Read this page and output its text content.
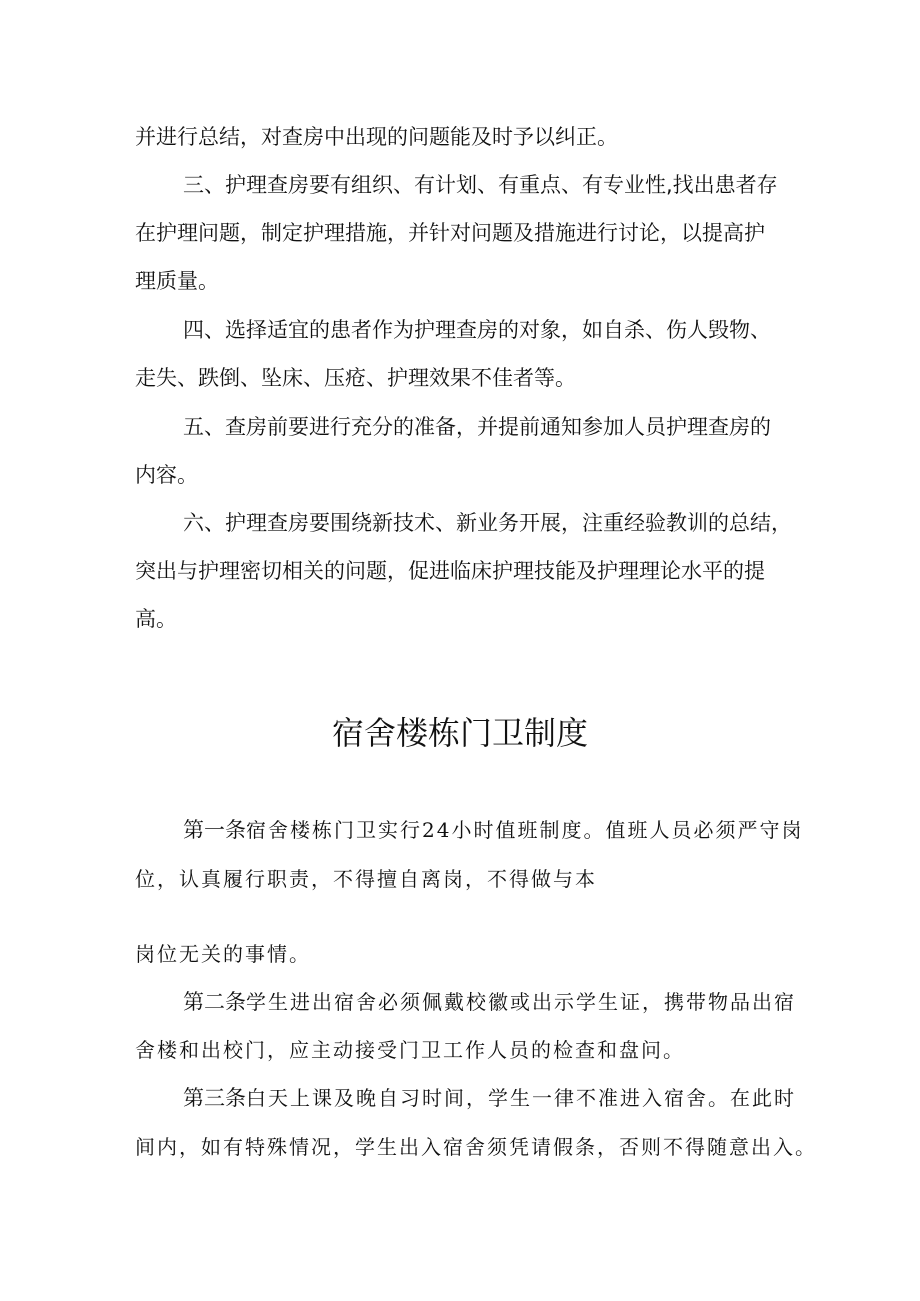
并进行总结，对查房中出现的问题能及时予以纠正。
三、护理查房要有组织、有计划、有重点、有专业性,找出患者存
在护理问题，制定护理措施，并针对问题及措施进行讨论，以提高护
理质量。
四、选择适宜的患者作为护理查房的对象，如自杀、伤人毁物、
走失、跌倒、坠床、压疮、护理效果不佳者等。
五、查房前要进行充分的准备，并提前通知参加人员护理查房的
内容。
六、护理查房要围绕新技术、新业务开展，注重经验教训的总结，
突出与护理密切相关的问题，促进临床护理技能及护理理论水平的提
高。
宿舍楼栋门卫制度
第一条宿舍楼栋门卫实行24小时值班制度。值班人员必须严守岗
位，认真履行职责，不得擅自离岗，不得做与本
岗位无关的事情。
第二条学生进出宿舍必须佩戴校徽或出示学生证，携带物品出宿
舍楼和出校门，应主动接受门卫工作人员的检查和盘问。
第三条白天上课及晚自习时间，学生一律不准进入宿舍。在此时
间内，如有特殊情况，学生出入宿舍须凭请假条，否则不得随意出入。
